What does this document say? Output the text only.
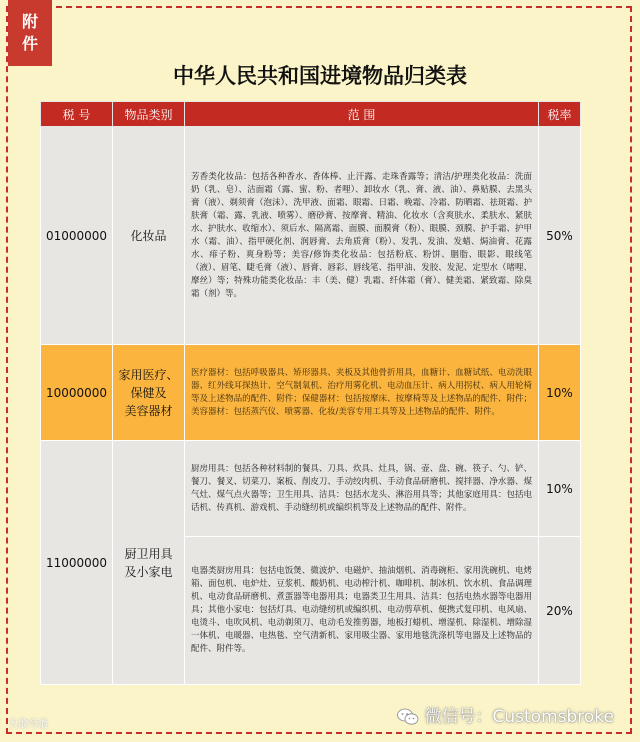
附
件
中华人民共和国进境物品归类表
税 号	物品类别	范 围	税率
01000000	化妆品	芳香类化妆品：包括各种香水、香体棒、止汗露、走珠香露等；清洁/护理类化妆品：洗面奶（乳、皂）、洁面霜（露、蜜、粉、者哩）、卸妆水（乳、膏、液、油）、鼻贴膜、去黑头膏（液）、剃须膏（泡沫）、洗甲液、面霜、眼霜、日霜、晚霜、冷霜、防晒霜、祛斑霜、护肤膏（霜、露、乳液、喷雾）、磨砂膏、按摩膏、精油、化妆水（含爽肤水、柔肤水、紧肤水、护肤水、收缩水）、须后水、隔离霜、面膜、面膜膏（粉）、眼膜、颈膜、护手霜、护甲水（霜、油）、指甲硬化剂、润唇膏、去角质膏（粉）、发乳、发油、发蜡、焗油膏、花露水、痱子粉、爽身粉等；美容/修饰类化妆品：包括粉底、粉饼、胭脂、眼影、眼线笔（液）、眉笔、睫毛膏（液）、唇膏、唇彩、唇线笔、指甲油、发胶、发泥、定型水（啫哩、摩丝）等；特殊功能类化妆品：丰（美、健）乳霜、纤体霜（膏）、健美霜、紧致霜、除臭霜（剂）等。	50%
10000000	家用医疗、
保健及
美容器材	医疗器材：包括呼吸器具、矫形器具、夹板及其他骨折用具，血糖计、血糖试纸、电动洗眼器、红外线耳探热计、空气制氧机、治疗用雾化机、电动血压计、病人用拐杖、病人用轮椅等及上述物品的配件、附件；保健器材：包括按摩床、按摩椅等及上述物品的配件、附件；美容器材：包括蒸汽仪、喷雾器、化妆/美容专用工具等及上述物品的配件、附件。	10%
11000000	厨卫用具
及小家电	厨房用具：包括各种材料制的餐具、刀具、炊具、灶具，锅、壶、盘、碗、筷子、勺、铲、餐刀、餐叉、切菜刀、案板、削皮刀、手动绞肉机、手动食品研磨机、搅拌器、净水器、煤气灶、煤气点火器等；卫生用具、洁具：包括水龙头、淋浴用具等；其他家庭用具：包括电话机、传真机、游戏机、手动缝纫机或编织机等及上述物品的配件、附件。	10%
		电器类厨房用具：包括电饭煲、微波炉、电磁炉、抽油烟机、消毒碗柜、家用洗碗机、电烤箱、面包机、电炉灶、豆浆机、酸奶机、电动榨汁机、咖啡机、制冰机、饮水机、食品调理机、电动食品研磨机、煮蛋器等电器用具；电器类卫生用具、洁具：包括电热水器等电器用具；其他小家电：包括灯具、电动缝纫机或编织机、电动剪草机、便携式复印机、电风扇、电烫斗、电吹风机、电动剃须刀、电动毛发推剪器，地板打蜡机、增湿机、除湿机、增除湿一体机、电暖器、电热毯、空气清新机、家用吸尘器、家用地毯洗涤机等电器及上述物品的配件、附件等。	20%
大歌弯道	微信号：Customsbroke
